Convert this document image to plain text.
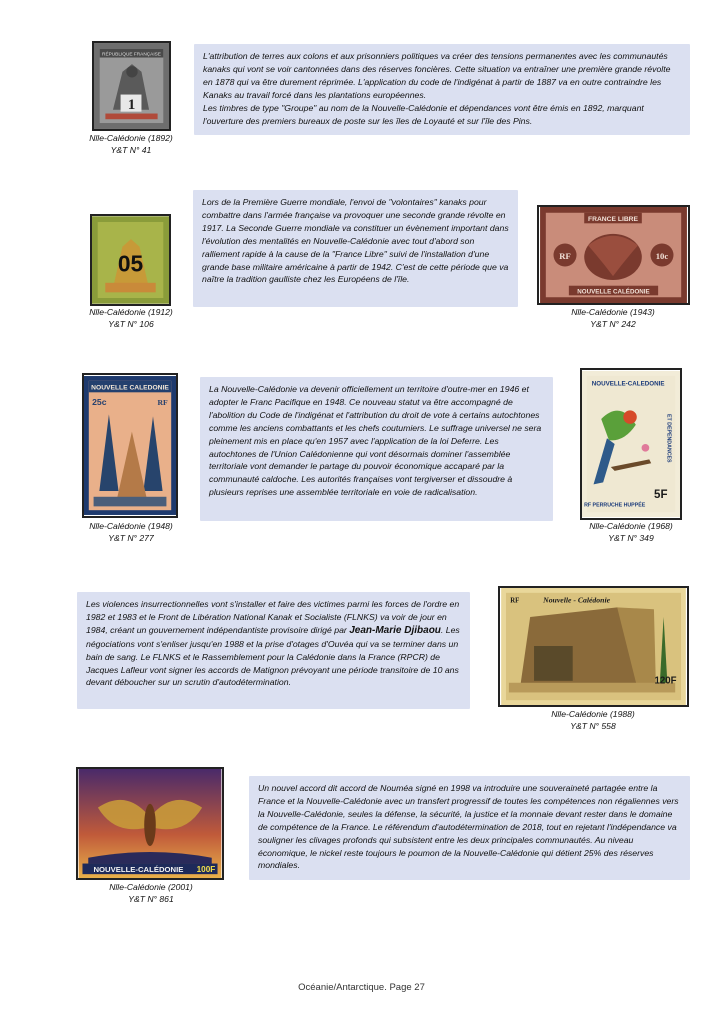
RÉPUBLIQUE FRANÇAISE
1
Nlle-Calédonie (1892)
Y&T N° 41

L'attribution de terres aux colons et aux prisonniers politiques va créer des tensions permanentes avec les communautés kanaks qui vont se voir cantonnées dans des réserves foncières. Cette situation va entraîner une première grande révolte en 1878 qui va être durement réprimée. L'application du code de l'indigénat à partir de 1887 va en outre contraindre les Kanaks au travail forcé dans les plantations européennes.

Les timbres de type "Groupe" au nom de la Nouvelle-Calédonie et dépendances vont être émis en 1892, marquant l'ouverture des premiers bureaux de poste sur les îles de Loyauté et sur l'île des Pins.

05
Nlle-Calédonie (1912)
Y&T N° 106

Lors de la Première Guerre mondiale, l'envoi de "volontaires" kanaks pour combattre dans l'armée française va provoquer une seconde grande révolte en 1917. La Seconde Guerre mondiale va constituer un évènement important dans l'évolution des mentalités en Nouvelle-Calédonie avec tout d'abord son ralliement rapide à la cause de la "France Libre" suivi de l'installation d'une grande base militaire américaine à partir de 1942. C'est de cette période que va naître la tradition gaulliste chez les Européens de l'île.

FRANCE LIBRE
RF	10c
NOUVELLE CALÉDONIE
Nlle-Calédonie (1943)
Y&T N° 242
NOUVELLE CALEDONIE
25c	RF
Nlle-Calédonie (1948)
Y&T N° 277

La Nouvelle-Calédonie va devenir officiellement un territoire d'outre-mer en 1946 et adopter le Franc Pacifique en 1948. Ce nouveau statut va être accompagné de l'abolition du Code de l'indigénat et l'attribution du droit de vote à certains autochtones comme les anciens combattants et les chefs coutumiers. Le suffrage universel ne sera pleinement mis en place qu'en 1957 avec l'application de la loi Deferre. Les autochtones de l'Union Calédonienne qui vont désormais dominer l'assemblée territoriale vont demander le partage du pouvoir économique accaparé par la communauté caldoche. Les autorités françaises vont tergiverser et dissoudre à plusieurs reprises une assemblée territoriale en voie de radicalisation.

NOUVELLE-CALEDONIE
ET DEPENDANCES
5F
RF PERRUCHE HUPPÉE
Nlle-Calédonie (1968)
Y&T N° 349

Les violences insurrectionnelles vont s'installer et faire des victimes parmi les forces de l'ordre en 1982 et 1983 et le Front de Libération National Kanak et Socialiste (FLNKS) va voir de jour en 1984, créant un gouvernement indépendantiste provisoire dirigé par Jean-Marie Djibaou. Les négociations vont s'enliser jusqu'en 1988 et la prise d'otages d'Ouvéa qui va se terminer dans un bain de sang. Le FLNKS et le Rassemblement pour la Calédonie dans la France (RPCR) de Jacques Lafleur vont signer les accords de Matignon prévoyant une période transitoire de 10 ans devant déboucher sur un scrutin d'autodétermination.

Nouvelle - Calédonie
RF
120F
Nlle-Calédonie (1988)
Y&T N° 558
NOUVELLE-CALÉDONIE 100F
Nlle-Calédonie (2001)
Y&T N° 861

Un nouvel accord dit accord de Nouméa signé en 1998 va introduire une souveraineté partagée entre la France et la Nouvelle-Calédonie avec un transfert progressif de toutes les compétences non régaliennes vers la Nouvelle-Calédonie, seules la défense, la sécurité, la justice et la monnaie devant rester dans le domaine de compétence de la France. Le référendum d'autodétermination de 2018, tout en rejetant l'indépendance va souligner les clivages profonds qui subsistent entre les deux principales communautés. Au niveau économique, le nickel reste toujours le poumon de la Nouvelle-Calédonie qui détient 25% des réserves mondiales.

Océanie/Antarctique. Page 27
